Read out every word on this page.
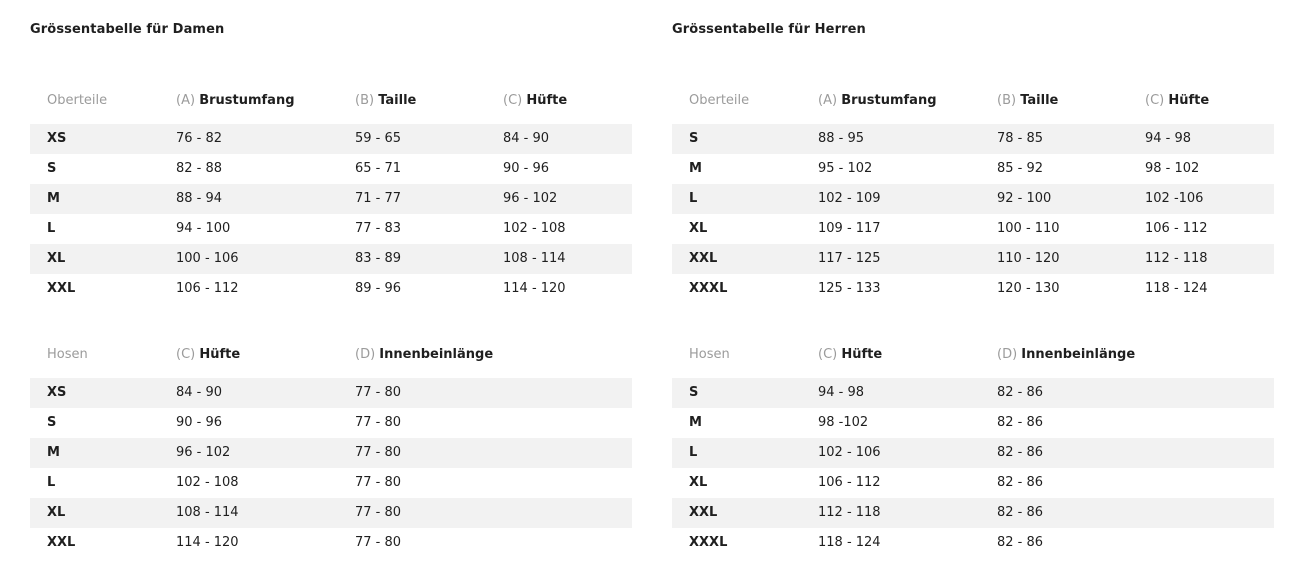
Grössentabelle für Damen
Oberteile	(A) Brustumfang	(B) Taille	(C) Hüfte
XS	76 - 82	59 - 65	84 - 90
S	82 - 88	65 - 71	90 - 96
M	88 - 94	71 - 77	96 - 102
L	94 - 100	77 - 83	102 - 108
XL	100 - 106	83 - 89	108 - 114
XXL	106 - 112	89 - 96	114 - 120
Hosen	(C) Hüfte	(D) Innenbeinlänge
XS	84 - 90	77 - 80
S	90 - 96	77 - 80
M	96 - 102	77 - 80
L	102 - 108	77 - 80
XL	108 - 114	77 - 80
XXL	114 - 120	77 - 80
Grössentabelle für Herren
Oberteile	(A) Brustumfang	(B) Taille	(C) Hüfte
S	88 - 95	78 - 85	94 - 98
M	95 - 102	85 - 92	98 - 102
L	102 - 109	92 - 100	102 -106
XL	109 - 117	100 - 110	106 - 112
XXL	117 - 125	110 - 120	112 - 118
XXXL	125 - 133	120 - 130	118 - 124
Hosen	(C) Hüfte	(D) Innenbeinlänge
S	94 - 98	82 - 86
M	98 -102	82 - 86
L	102 - 106	82 - 86
XL	106 - 112	82 - 86
XXL	112 - 118	82 - 86
XXXL	118 - 124	82 - 86
